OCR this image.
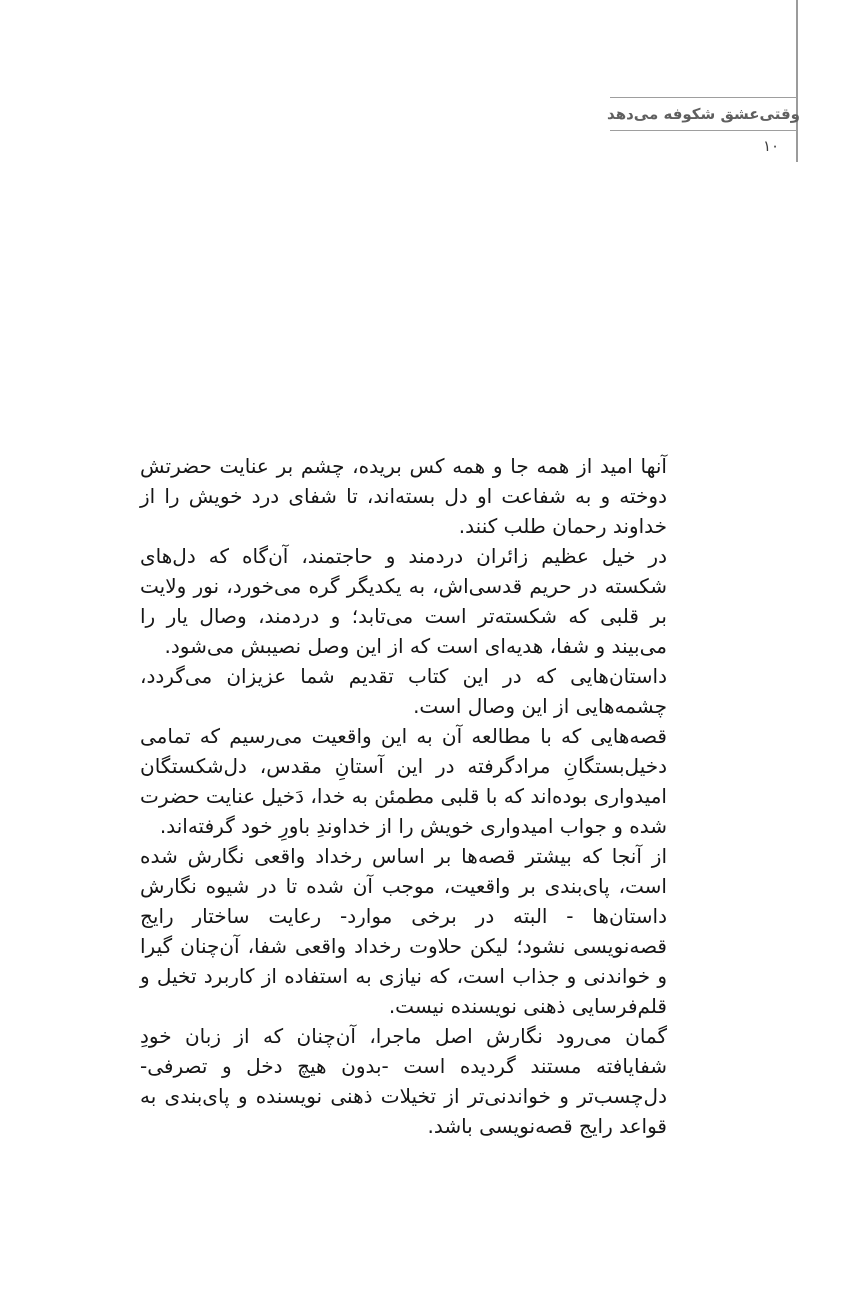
وقتی‌عشق شکوفه می‌دهد
۱۰

آنها امید از همه جا و همه کس بریده، چشم بر عنایت حضرتش دوخته و به شفاعت او دل بسته‌اند، تا شفای درد خویش را از خداوند رحمان طلب کنند.

در خیل عظیم زائران دردمند و حاجتمند، آن‌گاه که دل‌های شکسته در حریم قدسی‌اش، به یکدیگر گره می‌خورد، نور ولایت بر قلبی که شکسته‌تر است می‌تابد؛ و دردمند، وصال یار را می‌بیند و شفا، هدیه‌ای است که از این وصل نصیبش می‌شود.

داستان‌هایی که در این کتاب تقدیم شما عزیزان می‌گردد، چشمه‌هایی از این وصال است.

قصه‌هایی که با مطالعه آن به این واقعیت می‌رسیم که تمامی دخیل‌بستگانِ مرادگرفته در این آستانِ مقدس، دل‌شکستگان امیدواری بوده‌اند که با قلبی مطمئن به خدا، دَخیل عنایت حضرت شده و جواب امیدواری خویش را از خداوندِ باورِ خود گرفته‌اند.

از آنجا که بیشتر قصه‌ها بر اساس رخداد واقعی نگارش شده است، پای‌بندی بر واقعیت، موجب آن شده تا در شیوه نگارش داستان‌ها - البته در برخی موارد- رعایت ساختار رایج قصه‌نویسی نشود؛ لیکن حلاوت رخداد واقعی شفا، آن‌چنان گیرا و خواندنی و جذاب است، که نیازی به استفاده از کاربرد تخیل و قلم‌فرسایی ذهنی نویسنده نیست.

گمان می‌رود نگارش اصل ماجرا، آن‌چنان که از زبان خودِ شفایافته مستند گردیده است -بدون هیچ دخل و تصرفی- دل‌چسب‌تر و خواندنی‌تر از تخیلات ذهنی نویسنده و پای‌بندی به قواعد رایج قصه‌نویسی باشد.
